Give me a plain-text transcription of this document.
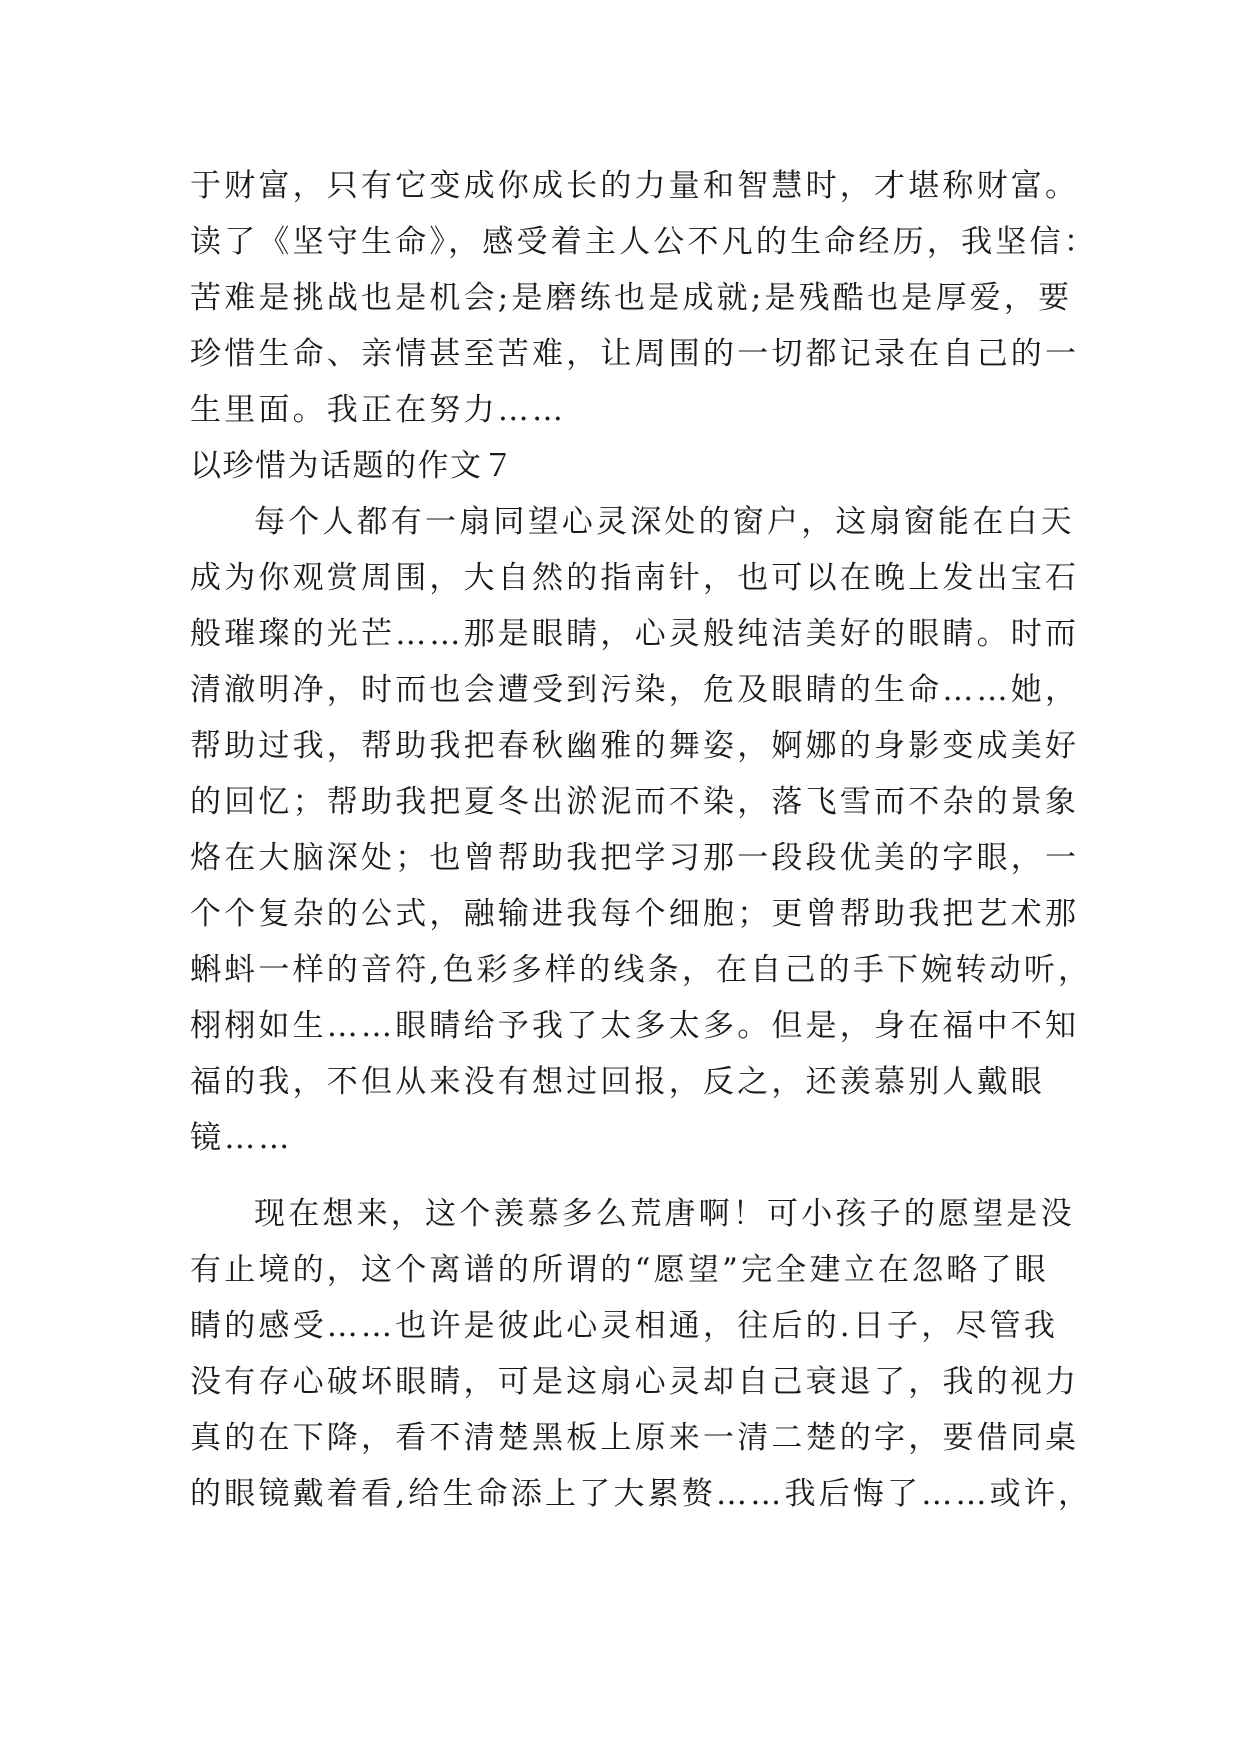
于财富，只有它变成你成长的力量和智慧时，才堪称财富。
读了《坚守生命》，感受着主人公不凡的生命经历，我坚信：
苦难是挑战也是机会;是磨练也是成就;是残酷也是厚爱，要
珍惜生命、亲情甚至苦难，让周围的一切都记录在自己的一
生里面。我正在努力……
以珍惜为话题的作文７
每个人都有一扇同望心灵深处的窗户，这扇窗能在白天
成为你观赏周围，大自然的指南针，也可以在晚上发出宝石
般璀璨的光芒……那是眼睛，心灵般纯洁美好的眼睛。时而
清澈明净，时而也会遭受到污染，危及眼睛的生命……她，
帮助过我，帮助我把春秋幽雅的舞姿，婀娜的身影变成美好
的回忆；帮助我把夏冬出淤泥而不染，落飞雪而不杂的景象
烙在大脑深处；也曾帮助我把学习那一段段优美的字眼，一
个个复杂的公式，融输进我每个细胞；更曾帮助我把艺术那
蝌蚪一样的音符,色彩多样的线条，在自己的手下婉转动听，
栩栩如生……眼睛给予我了太多太多。但是，身在福中不知
福的我，不但从来没有想过回报，反之，还羡慕别人戴眼
镜……
现在想来，这个羡慕多么荒唐啊！可小孩子的愿望是没
有止境的，这个离谱的所谓的“愿望”完全建立在忽略了眼
睛的感受……也许是彼此心灵相通，往后的.日子，尽管我
没有存心破坏眼睛，可是这扇心灵却自己衰退了，我的视力
真的在下降，看不清楚黑板上原来一清二楚的字，要借同桌
的眼镜戴着看,给生命添上了大累赘……我后悔了……或许，
